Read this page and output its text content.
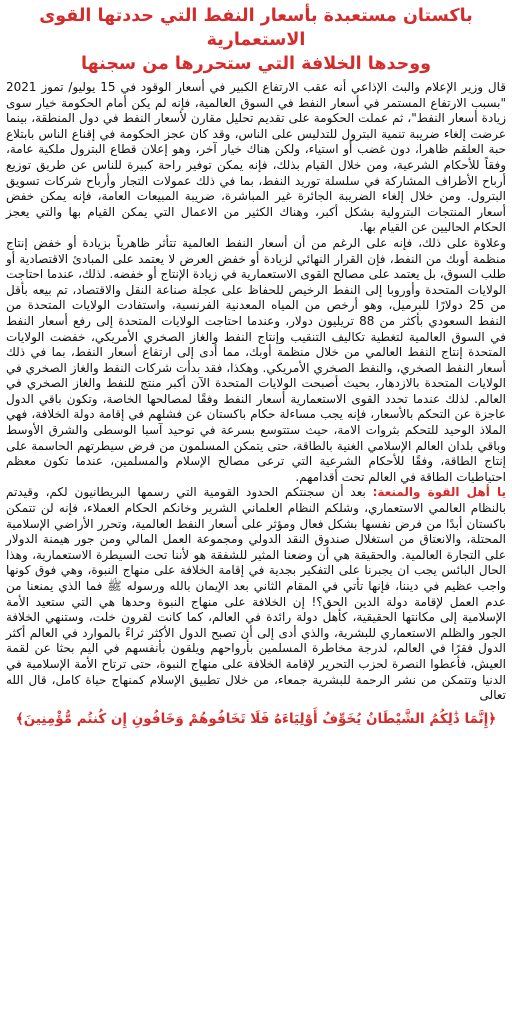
باكستان مستعبدة بأسعار النفط التي حددتها القوى الاستعمارية
ووحدها الخلافة التي ستحررها من سجنها

قال وزير الإعلام والبث الإذاعي أنه عقب الارتفاع الكبير في أسعار الوقود في 15 يوليو/ تموز 2021 "بسبب الارتفاع المستمر في أسعار النفط في السوق العالمية، فإنه لم يكن أمام الحكومة خيار سوى زيادة أسعار النفط"، ثم عملت الحكومة على تقديم تحليل مقارن لأسعار النفط في دول المنطقة، بينما عرضت إلغاء ضريبة تنمية البترول للتدليس على الناس، وقد كان عجز الحكومة في إقناع الناس بابتلاع حبة العلقم ظاهرا، دون غضب أو استياء، ولكن هناك خيار آخر، وهو إعلان قطاع البترول ملكية عامة، وفقاً للأحكام الشرعية، ومن خلال القيام بذلك، فإنه يمكن توفير راحة كبيرة للناس عن طريق توزيع أرباح الأطراف المشاركة في سلسلة توريد النفط، بما في ذلك عمولات التجار وأرباح شركات تسويق البترول. ومن خلال إلغاء الضريبة الجائرة غير المباشرة، ضريبة المبيعات العامة، فإنه يمكن خفض أسعار المنتجات البترولية بشكل أكبر، وهناك الكثير من الاعمال التي يمكن القيام بها والتي يعجز الحكام الحاليين عن القيام بها.

وعلاوة على ذلك، فإنه على الرغم من أن أسعار النفط العالمية تتأثر ظاهرياً بزيادة أو خفض إنتاج منظمة أوبك من النفط، فإن القرار النهائي لزيادة أو خفض العرض لا يعتمد على المبادئ الاقتصادية أو طلب السوق، بل يعتمد على مصالح القوى الاستعمارية في زيادة الإنتاج أو خفضه. لذلك، عندما احتاجت الولايات المتحدة وأوروبا إلى النفط الرخيص للحفاظ على عجلة صناعة النقل والاقتصاد، تم بيعه بأقل من 25 دولارًا للبرميل، وهو أرخص من المياه المعدنية الفرنسية، واستفادت الولايات المتحدة من النفط السعودي بأكثر من 88 تريليون دولار، وعندما احتاجت الولايات المتحدة إلى رفع أسعار النفط في السوق العالمية لتغطية تكاليف التنقيب وإنتاج النفط والغاز الصخري الأمريكي، خفضت الولايات المتحدة إنتاج النفط العالمي من خلال منظمة أوبك، مما أدى إلى ارتفاع أسعار النفط، بما في ذلك أسعار النفط الصخري، والنفط الصخري الأمريكي. وهكذا، فقد بدأت شركات النفط والغاز الصخري في الولايات المتحدة بالازدهار، بحيث أصبحت الولايات المتحدة الآن أكبر منتج للنفط والغاز الصخري في العالم. لذلك عندما تحدد القوى الاستعمارية أسعار النفط وفقًا لمصالحها الخاصة، وتكون باقي الدول عاجزة عن التحكم بالأسعار، فإنه يجب مساءلة حكام باكستان عن فشلهم في إقامة دولة الخلافة، فهي الملاذ الوحيد للتحكم بثروات الامة، حيث ستتوسع بسرعة في توحيد آسيا الوسطى والشرق الأوسط وباقي بلدان العالم الإسلامي الغنية بالطاقة، حتى يتمكن المسلمون من فرض سيطرتهم الحاسمة على إنتاج الطاقة، وفقًا للأحكام الشرعية التي ترعى مصالح الإسلام والمسلمين، عندما تكون معظم احتياطيات الطاقة في العالم تحت أقدامهم.

يا أهل القوة والمنعة: بعد أن سجنتكم الحدود القومية التي رسمها البريطانيون لكم، وقيدتم بالنظام العالمي الاستعماري، وشلكم النظام العلماني الشرير وخانكم الحكام العملاء، فإنه لن تتمكن باكستان أبدًا من فرض نفسها بشكل فعال ومؤثر على أسعار النفط العالمية، وتحرر الأراضي الإسلامية المحتلة، والانعتاق من استغلال صندوق النقد الدولي ومجموعة العمل المالي ومن جور هيمنة الدولار على التجارة العالمية. والحقيقة هي أن وضعنا المثير للشفقة هو لأننا تحت السيطرة الاستعمارية، وهذا الحال البائس يجب ان يجبرنا على التفكير بجدية في إقامة الخلافة على منهاج النبوة، وهي فوق كونها واجب عظيم في ديننا، فإنها تأتي في المقام الثاني بعد الإيمان بالله ورسوله ﷺ فما الذي يمنعنا من عدم العمل لإقامة دولة الدين الحق؟! إن الخلافة على منهاج النبوة وحدها هي التي ستعيد الأمة الإسلامية إلى مكانتها الحقيقية، كأهل دولة رائدة في العالم، كما كانت لقرون خلت، وستنهي الخلافة الجور والظلم الاستعماري للبشرية، والذي أدى إلى أن تصبح الدول الأكثر ثراءً بالموارد في العالم أكثر الدول فقرًا في العالم، لدرجة مخاطرة المسلمين بأرواحهم ويلقون بأنفسهم في اليم بحثا عن لقمة العيش، فأعطوا النصرة لحزب التحرير لإقامة الخلافة على منهاج النبوة، حتى ترتاح الأمة الإسلامية في الدنيا وتتمكن من نشر الرحمة للبشرية جمعاء، من خلال تطبيق الإسلام كمنهاج حياة كامل، قال الله تعالى

﴿إِنَّمَا ذَٰلِكُمُ الشَّيْطَانُ يُخَوِّفُ أَوْلِيَاءَهُ فَلَا تَخَافُوهُمْ وَخَافُونِ إِن كُنتُم مُّؤْمِنِينَ﴾
